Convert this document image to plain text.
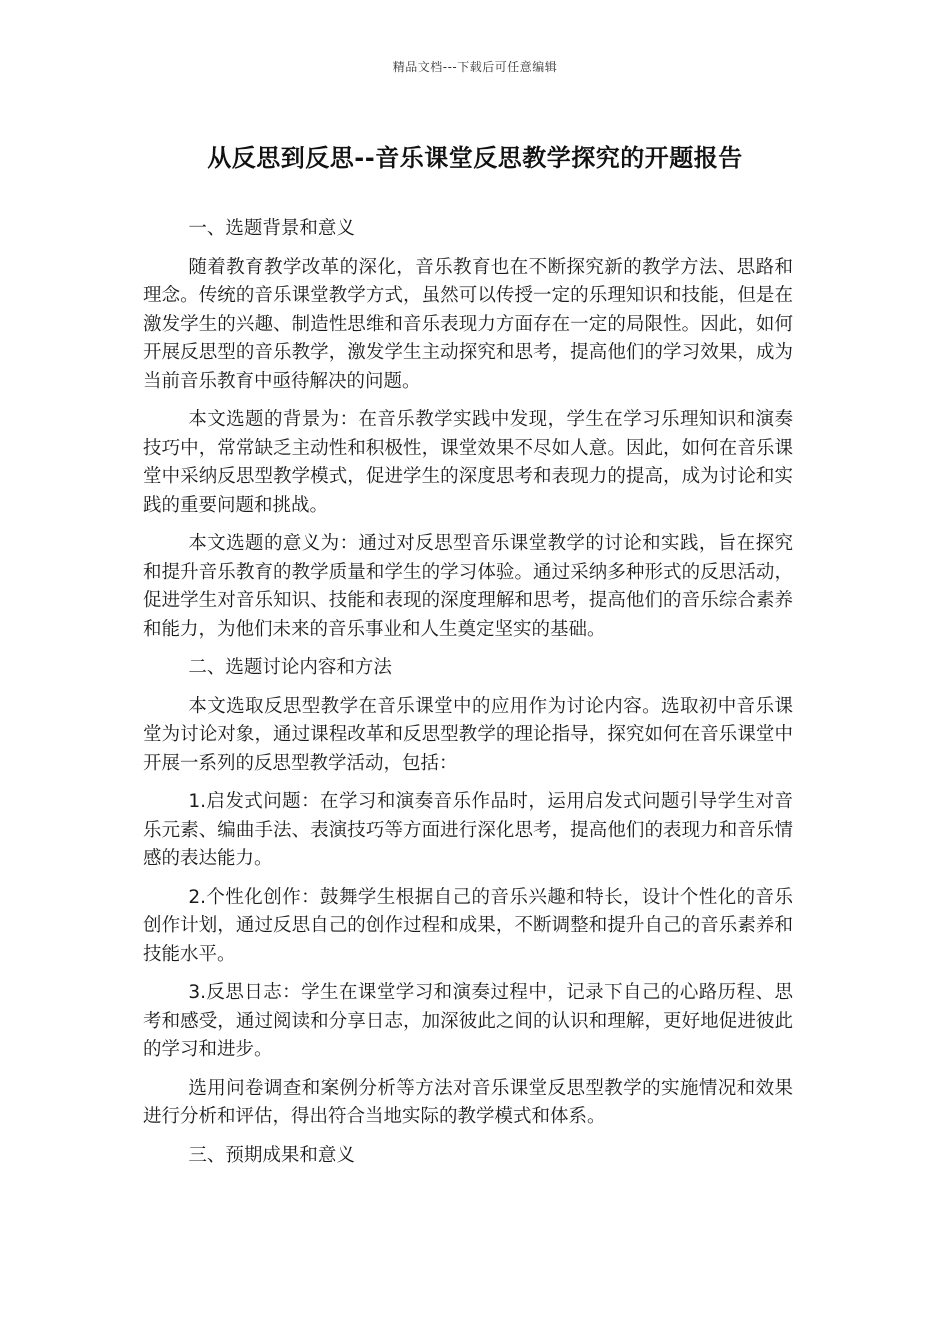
精品文档---下载后可任意编辑
从反思到反思--音乐课堂反思教学探究的开题报告

一、选题背景和意义

随着教育教学改革的深化，音乐教育也在不断探究新的教学方法、思路和理念。传统的音乐课堂教学方式，虽然可以传授一定的乐理知识和技能，但是在激发学生的兴趣、制造性思维和音乐表现力方面存在一定的局限性。因此，如何开展反思型的音乐教学，激发学生主动探究和思考，提高他们的学习效果，成为当前音乐教育中亟待解决的问题。

本文选题的背景为：在音乐教学实践中发现，学生在学习乐理知识和演奏技巧中，常常缺乏主动性和积极性，课堂效果不尽如人意。因此，如何在音乐课堂中采纳反思型教学模式，促进学生的深度思考和表现力的提高，成为讨论和实践的重要问题和挑战。

本文选题的意义为：通过对反思型音乐课堂教学的讨论和实践，旨在探究和提升音乐教育的教学质量和学生的学习体验。通过采纳多种形式的反思活动，促进学生对音乐知识、技能和表现的深度理解和思考，提高他们的音乐综合素养和能力，为他们未来的音乐事业和人生奠定坚实的基础。

二、选题讨论内容和方法

本文选取反思型教学在音乐课堂中的应用作为讨论内容。选取初中音乐课堂为讨论对象，通过课程改革和反思型教学的理论指导，探究如何在音乐课堂中开展一系列的反思型教学活动，包括：

1.启发式问题：在学习和演奏音乐作品时，运用启发式问题引导学生对音乐元素、编曲手法、表演技巧等方面进行深化思考，提高他们的表现力和音乐情感的表达能力。

2.个性化创作：鼓舞学生根据自己的音乐兴趣和特长，设计个性化的音乐创作计划，通过反思自己的创作过程和成果，不断调整和提升自己的音乐素养和技能水平。

3.反思日志：学生在课堂学习和演奏过程中，记录下自己的心路历程、思考和感受，通过阅读和分享日志，加深彼此之间的认识和理解，更好地促进彼此的学习和进步。

选用问卷调查和案例分析等方法对音乐课堂反思型教学的实施情况和效果进行分析和评估，得出符合当地实际的教学模式和体系。

三、预期成果和意义
